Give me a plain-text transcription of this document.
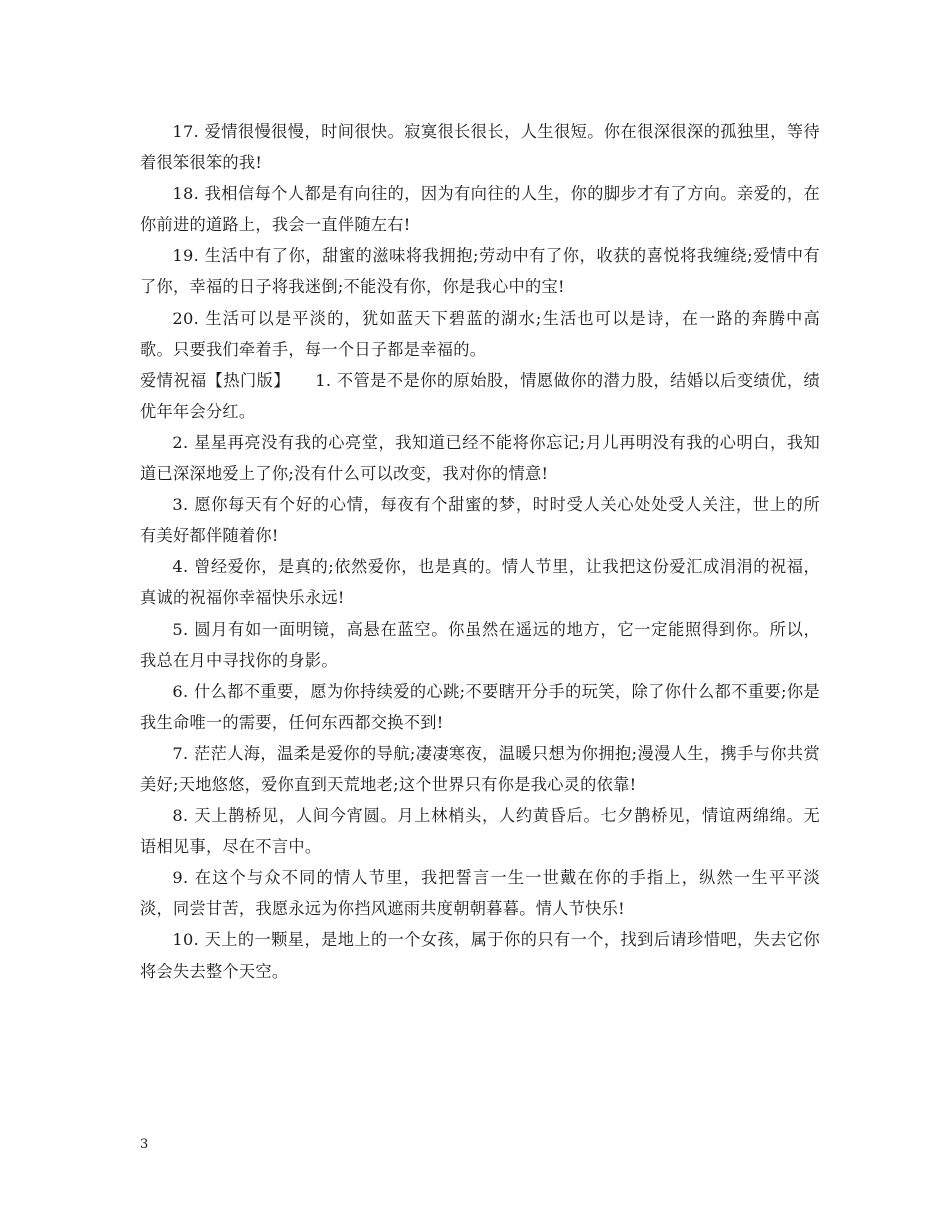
17. 爱情很慢很慢，时间很快。寂寞很长很长，人生很短。你在很深很深的孤独里，等待着很笨很笨的我!

18. 我相信每个人都是有向往的，因为有向往的人生，你的脚步才有了方向。亲爱的，在你前进的道路上，我会一直伴随左右!

19. 生活中有了你，甜蜜的滋味将我拥抱;劳动中有了你，收获的喜悦将我缠绕;爱情中有了你，幸福的日子将我迷倒;不能没有你，你是我心中的宝!

20. 生活可以是平淡的，犹如蓝天下碧蓝的湖水;生活也可以是诗，在一路的奔腾中高歌。只要我们牵着手，每一个日子都是幸福的。

爱情祝福【热门版】　　1. 不管是不是你的原始股，情愿做你的潜力股，结婚以后变绩优，绩优年年会分红。

2. 星星再亮没有我的心亮堂，我知道已经不能将你忘记;月儿再明没有我的心明白，我知道已深深地爱上了你;没有什么可以改变，我对你的情意!

3. 愿你每天有个好的心情，每夜有个甜蜜的梦，时时受人关心处处受人关注，世上的所有美好都伴随着你!

4. 曾经爱你，是真的;依然爱你，也是真的。情人节里，让我把这份爱汇成涓涓的祝福，真诚的祝福你幸福快乐永远!

5. 圆月有如一面明镜，高悬在蓝空。你虽然在遥远的地方，它一定能照得到你。所以，我总在月中寻找你的身影。

6. 什么都不重要，愿为你持续爱的心跳;不要瞎开分手的玩笑，除了你什么都不重要;你是我生命唯一的需要，任何东西都交换不到!

7. 茫茫人海，温柔是爱你的导航;凄凄寒夜，温暖只想为你拥抱;漫漫人生，携手与你共赏美好;天地悠悠，爱你直到天荒地老;这个世界只有你是我心灵的依靠!

8. 天上鹊桥见，人间今宵圆。月上林梢头，人约黄昏后。七夕鹊桥见，情谊两绵绵。无语相见事，尽在不言中。

9. 在这个与众不同的情人节里，我把誓言一生一世戴在你的手指上，纵然一生平平淡淡，同尝甘苦，我愿永远为你挡风遮雨共度朝朝暮暮。情人节快乐!

10. 天上的一颗星，是地上的一个女孩，属于你的只有一个，找到后请珍惜吧，失去它你将会失去整个天空。

3
